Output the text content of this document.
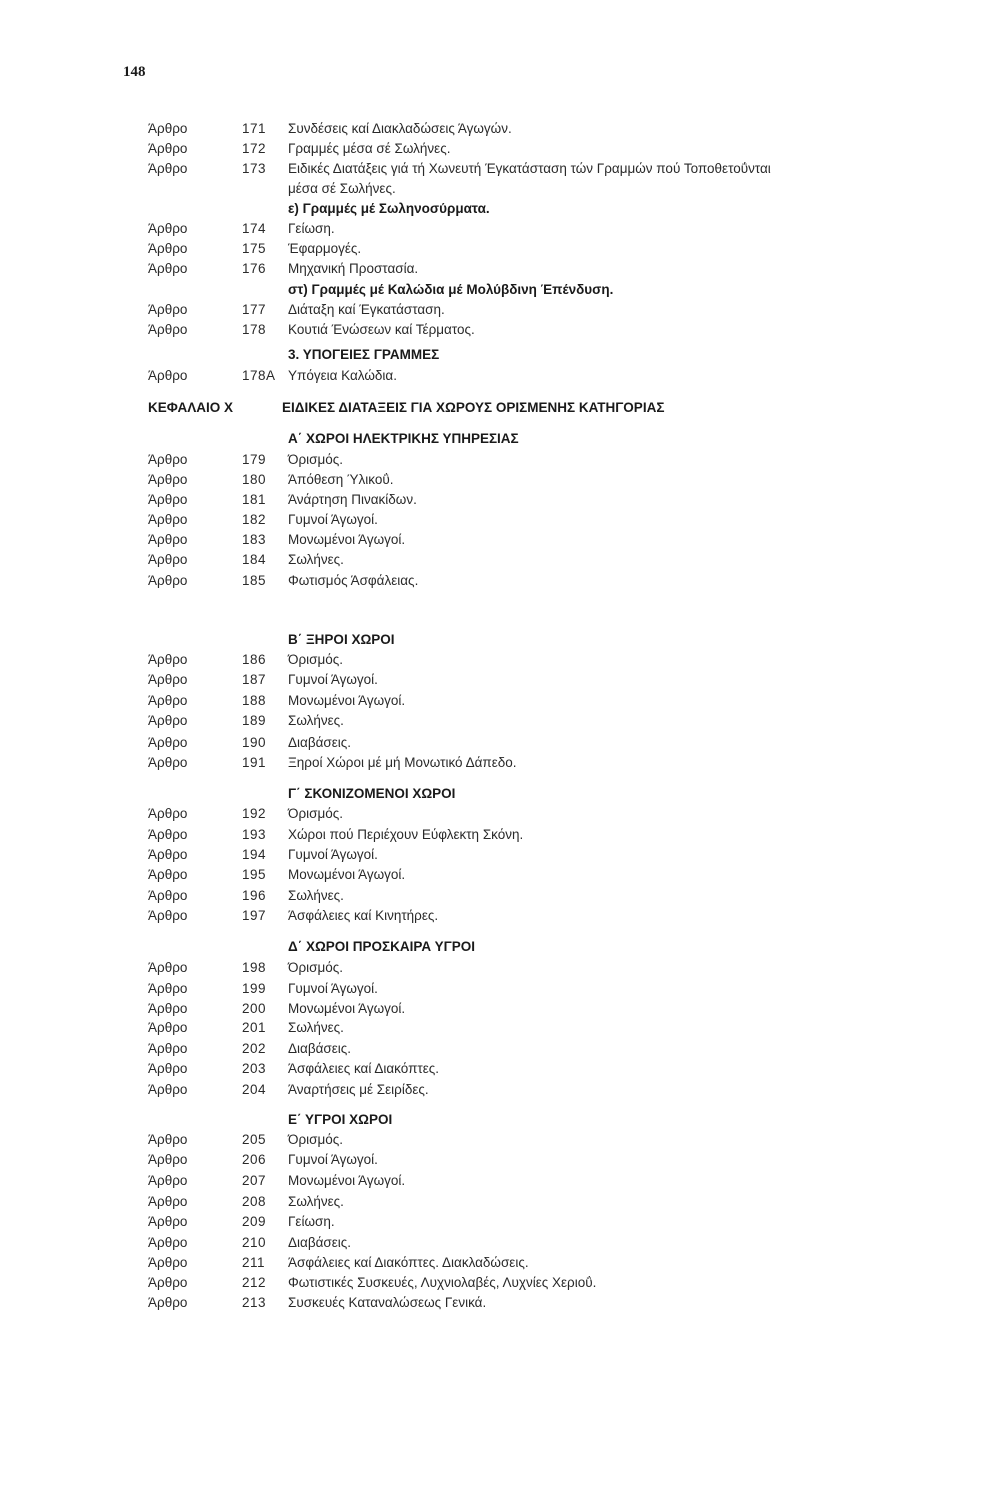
148
Άρθρο	171 Συνδέσεις καί Διακλαδώσεις Άγωγών.
Άρθρο	172 Γραμμές μέσα σέ Σωλήνες.
Άρθρο	173 Ειδικές Διατάξεις γιά τή Χωνευτή Έγκατάσταση τών Γραμμών πού Τοποθετοΰνται
μέσα σέ Σωλήνες.
ε) Γραμμές μέ Σωληνοσύρματα.
Άρθρο	174 Γείωση.
Άρθρο	175 Έφαρμογές.
Άρθρο	176 Μηχανική Προστασία.
στ) Γραμμές μέ Καλώδια μέ Μολύβδινη Έπένδυση.
Άρθρο	177 Διάταξη καί Έγκατάσταση.
Άρθρο	178 Κουτιά Ένώσεων καί Τέρματος.
3. ΥΠΟΓΕΙΕΣ ΓΡΑΜΜΕΣ
Άρθρο	178Α Υπόγεια Καλώδια.
ΚΕΦΑΛΑΙΟ Χ	ΕΙΔΙΚΕΣ ΔΙΑΤΑΞΕΙΣ ΓΙΑ ΧΩΡΟΥΣ ΟΡΙΣΜΕΝΗΣ ΚΑΤΗΓΟΡΙΑΣ
Α΄ ΧΩΡΟΙ ΗΛΕΚΤΡΙΚΗΣ ΥΠΗΡΕΣΙΑΣ
Άρθρο	179 Όρισμός.
Άρθρο	180 Άπόθεση Ύλικοΰ.
Άρθρο	181 Άνάρτηση Πινακίδων.
Άρθρο	182 Γυμνοί Άγωγοί.
Άρθρο	183 Μονωμένοι Άγωγοί.
Άρθρο	184 Σωλήνες.
Άρθρο	185 Φωτισμός Άσφάλειας.
Β΄ ΞΗΡΟΙ ΧΩΡΟΙ
Άρθρο	186 Όρισμός.
Άρθρο	187 Γυμνοί Άγωγοί.
Άρθρο	188 Μονωμένοι Άγωγοί.
Άρθρο	189 Σωλήνες.
Άρθρο	190 Διαβάσεις.
Άρθρο	191 Ξηροί Χώροι μέ μή Μονωτικό Δάπεδο.
Γ΄ ΣΚΟΝΙΖΟΜΕΝΟΙ ΧΩΡΟΙ
Άρθρο	192 Όρισμός.
Άρθρο	193 Χώροι πού Περιέχουν Εύφλεκτη Σκόνη.
Άρθρο	194 Γυμνοί Άγωγοί.
Άρθρο	195 Μονωμένοι Άγωγοί.
Άρθρο	196 Σωλήνες.
Άρθρο	197 Άσφάλειες καί Κινητήρες.
Δ΄ ΧΩΡΟΙ ΠΡΟΣΚΑΙΡΑ ΥΓΡΟΙ
Άρθρο	198 Όρισμός.
Άρθρο	199 Γυμνοί Άγωγοί.
Άρθρο	200 Μονωμένοι Άγωγοί.
Άρθρο	201 Σωλήνες.
Άρθρο	202 Διαβάσεις.
Άρθρο	203 Άσφάλειες καί Διακόπτες.
Άρθρο	204 Άναρτήσεις μέ Σειρίδες.
Ε΄ ΥΓΡΟΙ ΧΩΡΟΙ
Άρθρο	205 Όρισμός.
Άρθρο	206 Γυμνοί Άγωγοί.
Άρθρο	207 Μονωμένοι Άγωγοί.
Άρθρο	208 Σωλήνες.
Άρθρο	209 Γείωση.
Άρθρο	210 Διαβάσεις.
Άρθρο	211 Άσφάλειες καί Διακόπτες. Διακλαδώσεις.
Άρθρο	212 Φωτιστικές Συσκευές, Λυχνιολαβές, Λυχνίες Χεριοΰ.
Άρθρο	213 Συσκευές Καταναλώσεως Γενικά.
